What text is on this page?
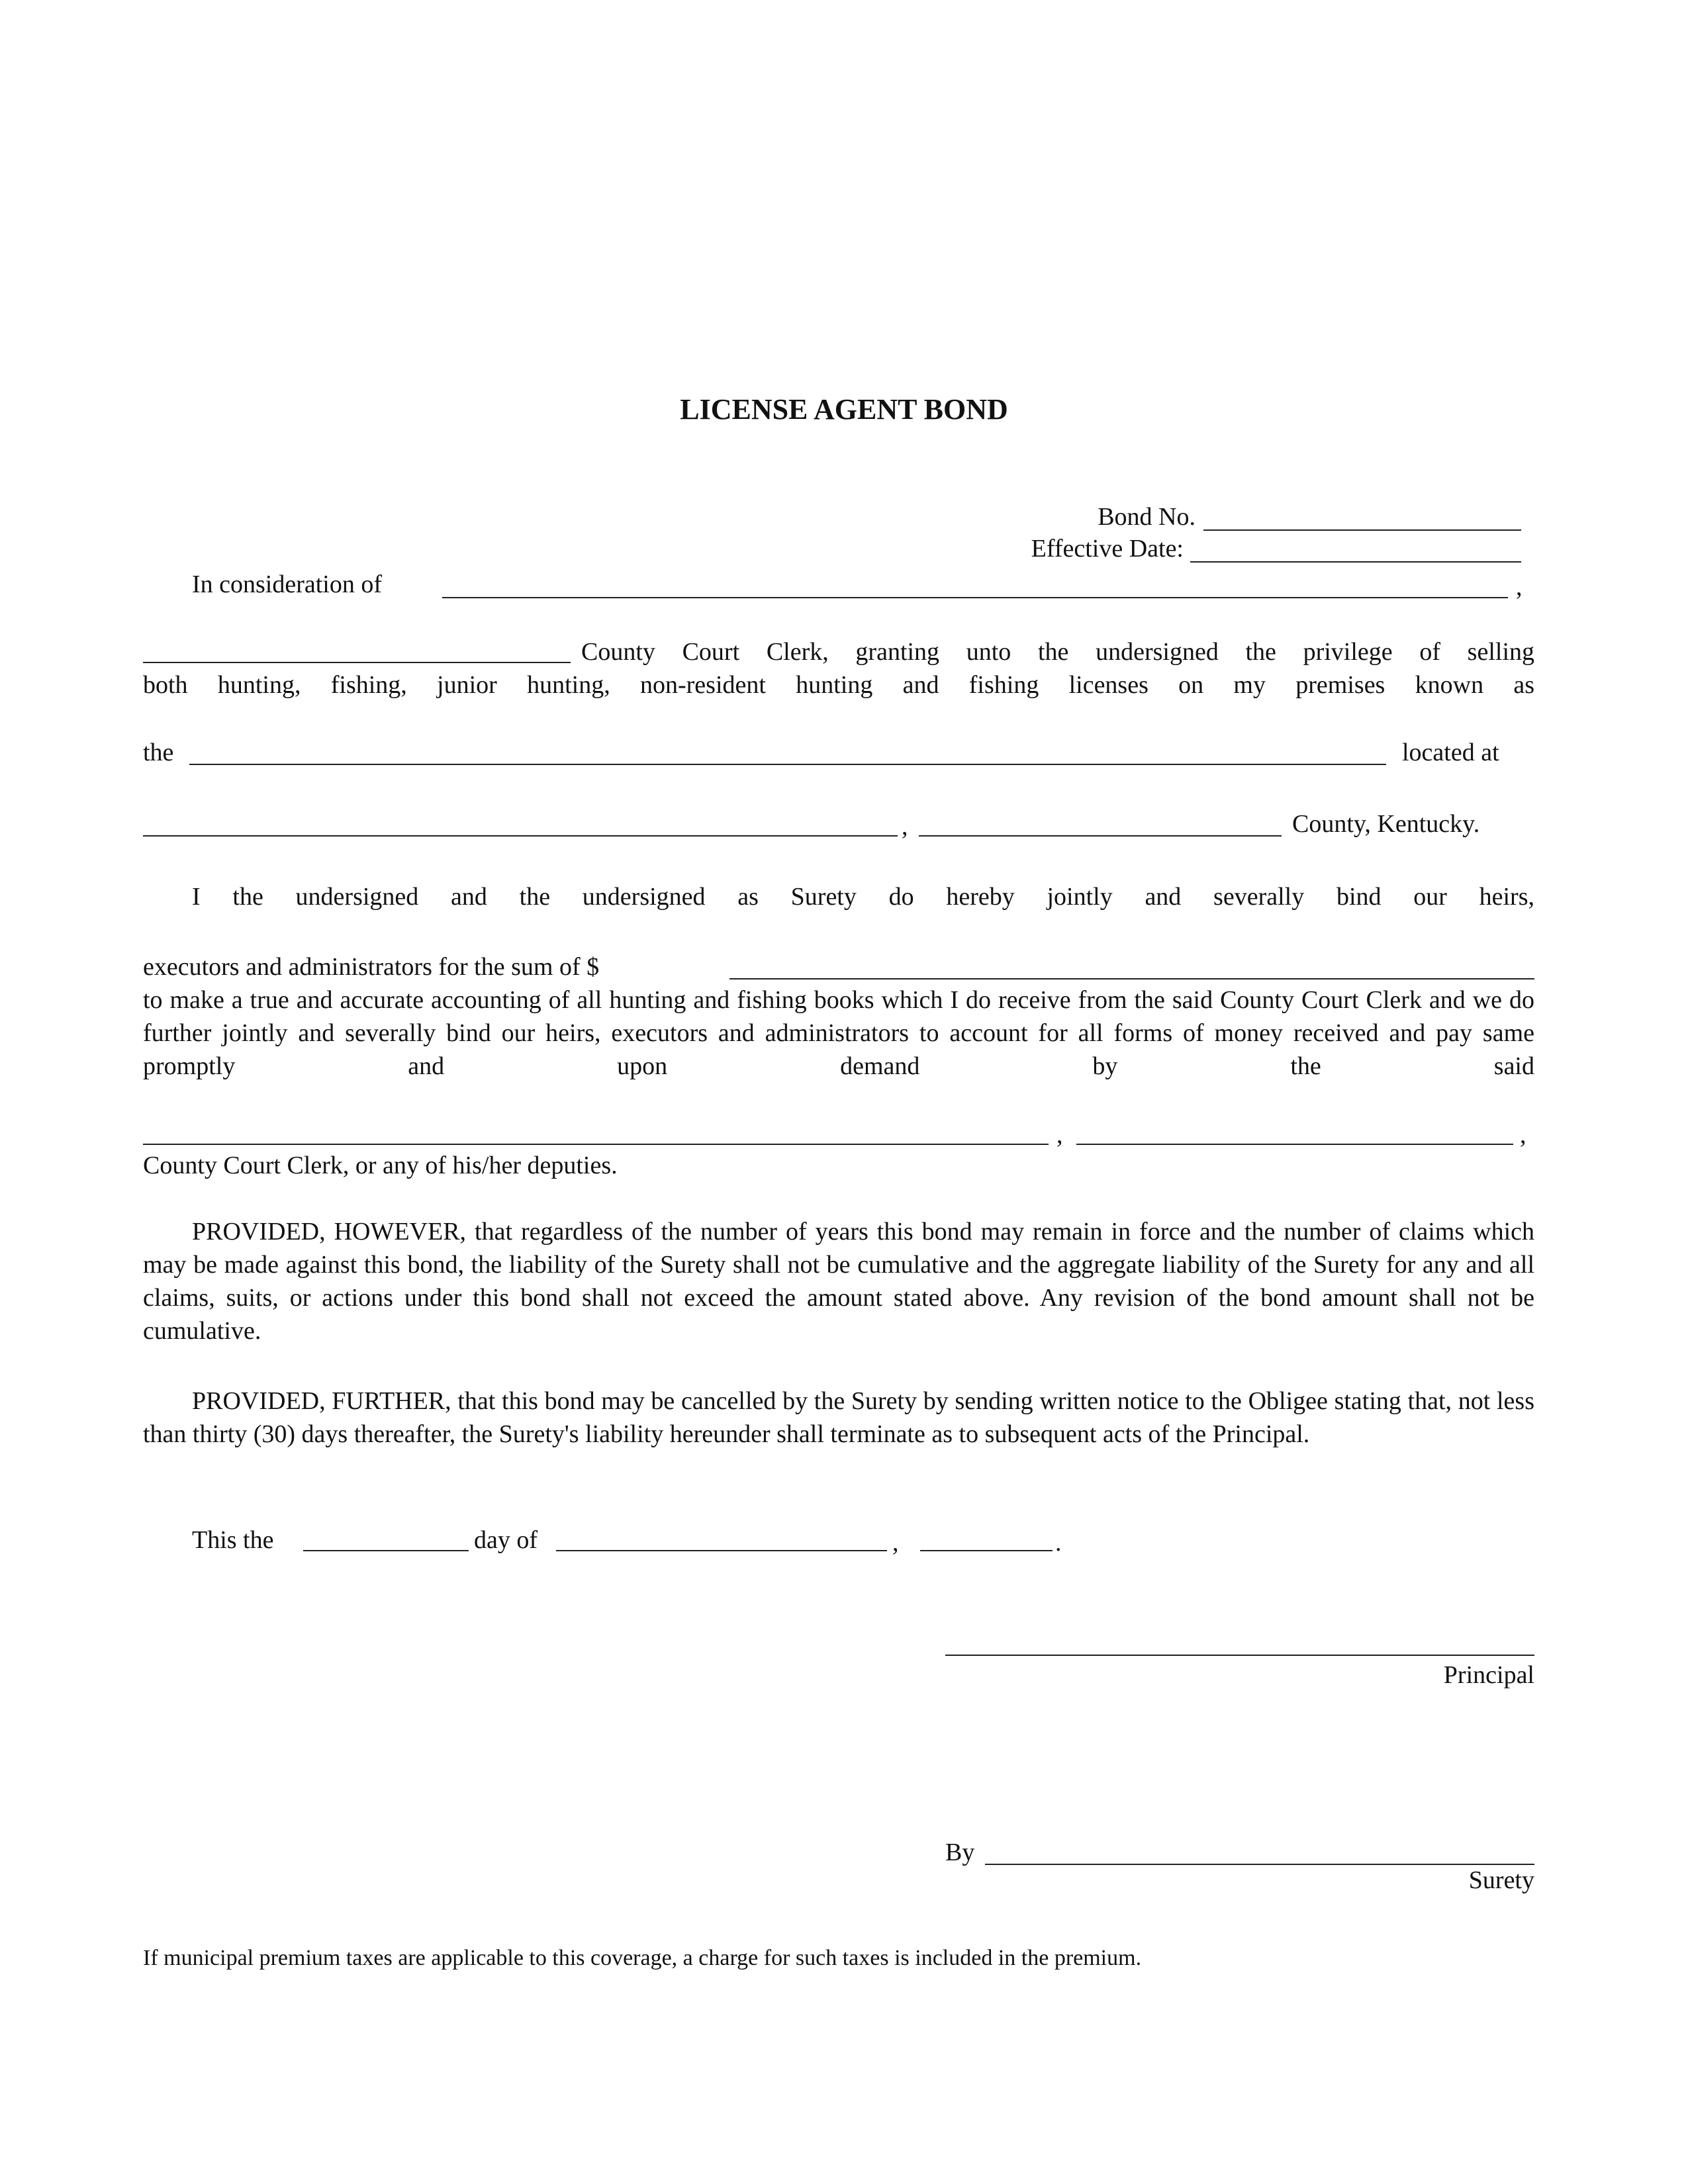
LICENSE AGENT BOND
Bond No.
Effective Date:
In consideration of	,
County Court Clerk, granting unto the undersigned the privilege of selling
both hunting, fishing, junior hunting, non-resident hunting and fishing licenses on my premises known as
the	located at
,	County, Kentucky.
I the undersigned and the undersigned as Surety do hereby jointly and severally bind our heirs,
executors and administrators for the sum of $
to make a true and accurate accounting of all hunting and fishing books which I do receive from the said County Court Clerk and we do further jointly and severally bind our heirs, executors and administrators to account for all forms of money received and pay same promptly and upon demand by the said
,	,
County Court Clerk, or any of his/her deputies.
PROVIDED, HOWEVER, that regardless of the number of years this bond may remain in force and the number of claims which may be made against this bond, the liability of the Surety shall not be cumulative and the aggregate liability of the Surety for any and all claims, suits, or actions under this bond shall not exceed the amount stated above. Any revision of the bond amount shall not be cumulative.
PROVIDED, FURTHER, that this bond may be cancelled by the Surety by sending written notice to the Obligee stating that, not less than thirty (30) days thereafter, the Surety's liability hereunder shall terminate as to subsequent acts of the Principal.
This the	day of	,	.
Principal
By
Surety
If municipal premium taxes are applicable to this coverage, a charge for such taxes is included in the premium.
